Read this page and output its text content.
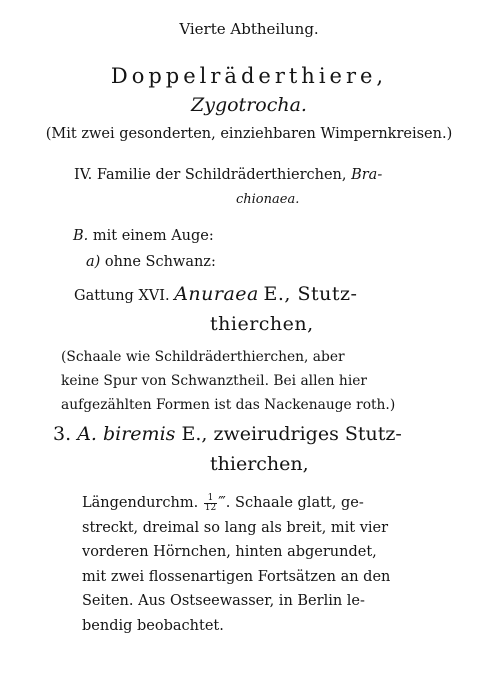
Vierte Abtheilung.
Doppelräderthiere,
Zygotrocha.
(Mit zwei gesonderten, einziehbaren Wimpernkreisen.)
IV. Familie der Schildräderthierchen, Bra-
chionaea.
B. mit einem Auge:
a) ohne Schwanz:
Gattung XVI. Anuraea E., Stutz-
thierchen,
(Schaale wie Schildräderthierchen, aber
keine Spur von Schwanztheil. Bei allen hier
aufgezählten Formen ist das Nackenauge roth.)
3. A. biremis E., zweirudriges Stutz-
thierchen,
Längendurchm. $\frac{1}{12}$ ‴. Schaale glatt, ge-
streckt, dreimal so lang als breit, mit vier
vorderen Hörnchen, hinten abgerundet,
mit zwei flossenartigen Fortsätzen an den
Seiten. Aus Ostseewasser, in Berlin le-
bendig beobachtet.
